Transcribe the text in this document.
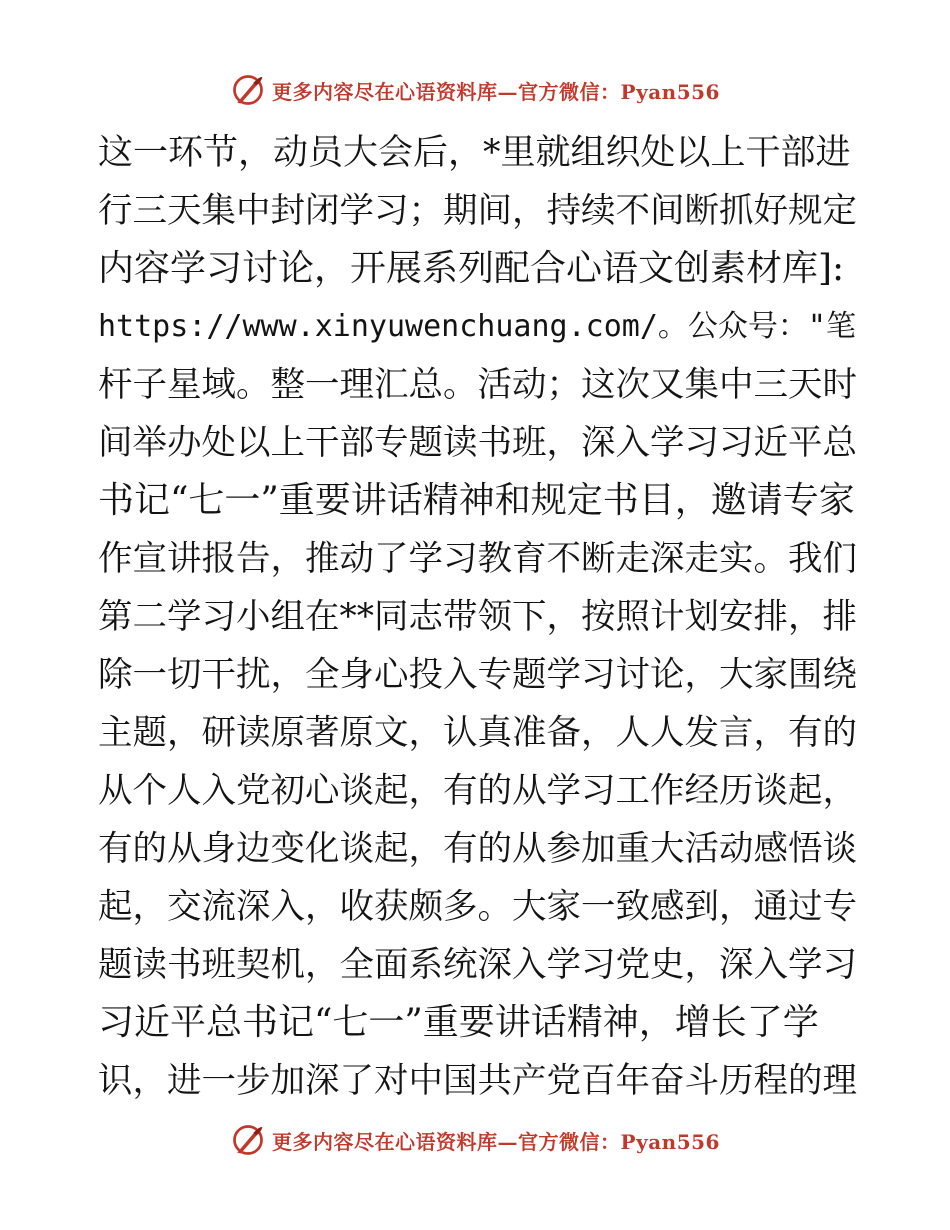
更多内容尽在心语资料库—官方微信：Pyan556
这一环节，动员大会后，*里就组织处以上干部进
行三天集中封闭学习；期间，持续不间断抓好规定
内容学习讨论，开展系列配合心语文创素材库]:
https://www.xinyuwenchuang.com/。公众号："笔
杆子星域。整一理汇总。活动；这次又集中三天时
间举办处以上干部专题读书班，深入学习习近平总
书记“七一”重要讲话精神和规定书目，邀请专家
作宣讲报告，推动了学习教育不断走深走实。我们
第二学习小组在**同志带领下，按照计划安排，排
除一切干扰，全身心投入专题学习讨论，大家围绕
主题，研读原著原文，认真准备，人人发言，有的
从个人入党初心谈起，有的从学习工作经历谈起，
有的从身边变化谈起，有的从参加重大活动感悟谈
起，交流深入，收获颇多。大家一致感到，通过专
题读书班契机，全面系统深入学习党史，深入学习
习近平总书记“七一”重要讲话精神，增长了学
识，进一步加深了对中国共产党百年奋斗历程的理
更多内容尽在心语资料库—官方微信：Pyan556
